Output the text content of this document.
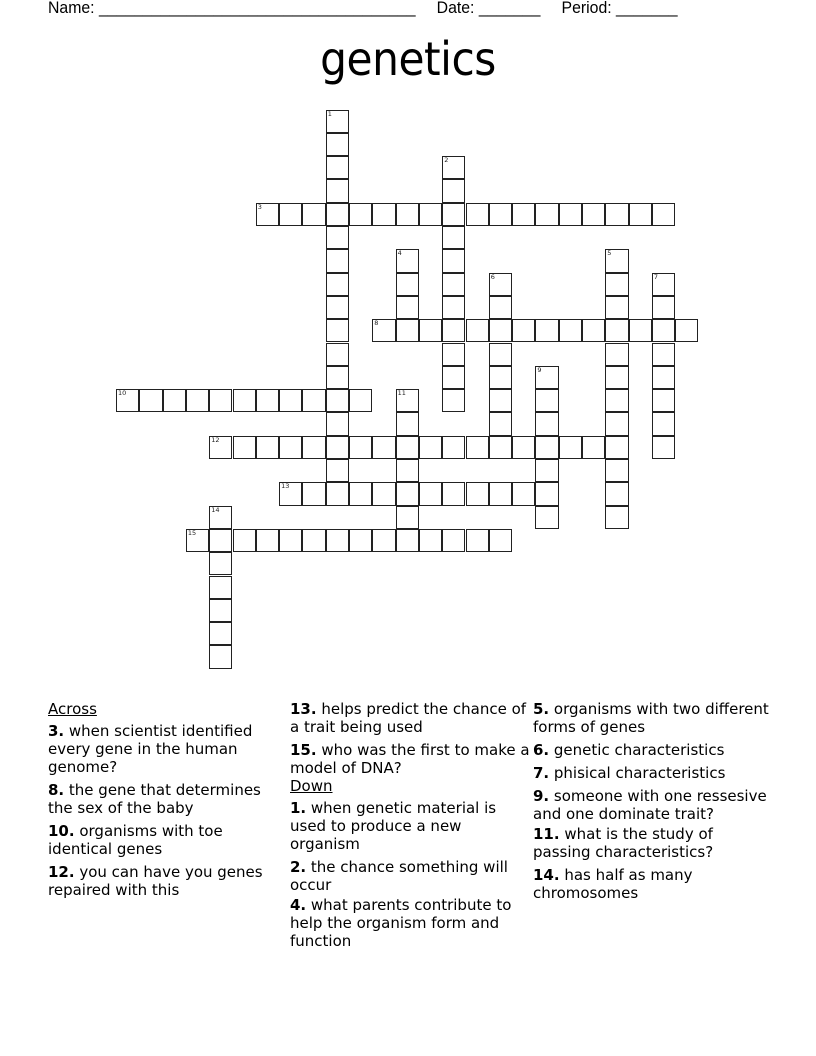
Name: ____________________________________ Date: _______ Period: _______
genetics
1
2
3
4	5
6	7
8
9
10	11
12
13
14
15
Across
3. when scientist identified every gene in the human genome?
8. the gene that determines the sex of the baby
10. organisms with toe identical genes
12. you can have you genes repaired with this
13. helps predict the chance of a trait being used
15. who was the first to make a model of DNA?
Down
1. when genetic material is used to produce a new organism
2. the chance something will occur
4. what parents contribute to help the organism form and function
5. organisms with two different forms of genes
6. genetic characteristics
7. phisical characteristics
9. someone with one ressesive and one dominate trait?
11. what is the study of passing characteristics?
14. has half as many chromosomes
